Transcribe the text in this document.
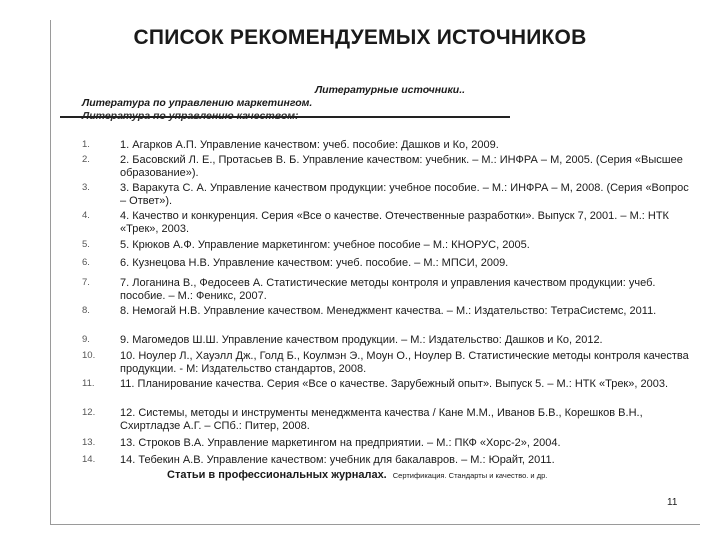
СПИСОК РЕКОМЕНДУЕМЫХ ИСТОЧНИКОВ
Литературные источники..
Литература по управлению маркетингом.
1.	1. Агарков А.П. Управление качеством: учеб. пособие: Дашков и Ко, 2009.
2.	2. Басовский Л. Е., Протасьев В. Б. Управление качеством: учебник. – М.: ИНФРА – М, 2005. (Серия «Высшее образование»).
3.	3. Варакута С. А. Управление качеством продукции: учебное пособие. – М.: ИНФРА – М, 2008. (Серия «Вопрос – Ответ»).
4.	4. Качество и конкуренция. Серия «Все о качестве. Отечественные разработки». Выпуск 7, 2001. – М.: НТК «Трек», 2003.
5.	5. Крюков А.Ф. Управление маркетингом: учебное пособие – М.: КНОРУС, 2005.
6.	6. Кузнецова Н.В. Управление качеством: учеб. пособие. – М.: МПСИ, 2009.
7.	7. Логанина В., Федосеев А. Статистические методы контроля и управления качеством продукции: учеб. пособие. – М.: Феникс, 2007.
8.	8. Немогай Н.В. Управление качеством. Менеджмент качества. – М.: Издательство: ТетраСистемс, 2011.
9.	9. Магомедов Ш.Ш. Управление качеством продукции. – М.: Издательство: Дашков и Ко, 2012.
10. 10. Ноулер Л., Хауэлл Дж., Голд Б., Коулмэн Э., Моун О., Ноулер В. Статистические методы контроля качества продукции. - М: Издательство стандартов, 2008.
11. 11. Планирование качества. Серия «Все о качестве. Зарубежный опыт». Выпуск 5. – М.: НТК «Трек», 2003.
12. 12. Системы, методы и инструменты менеджмента качества / Кане М.М., Иванов Б.В., Корешков В.Н., Схиртладзе А.Г. – СПб.: Питер, 2008.
13. 13. Строков В.А. Управление маркетингом на предприятии. – М.: ПКФ «Хорс-2», 2004.
14. 14. Тебекин А.В. Управление качеством: учебник для бакалавров. – М.: Юрайт, 2011.
Статьи в профессиональных журналах. Сертификация. Стандарты и качество. и др.
11
